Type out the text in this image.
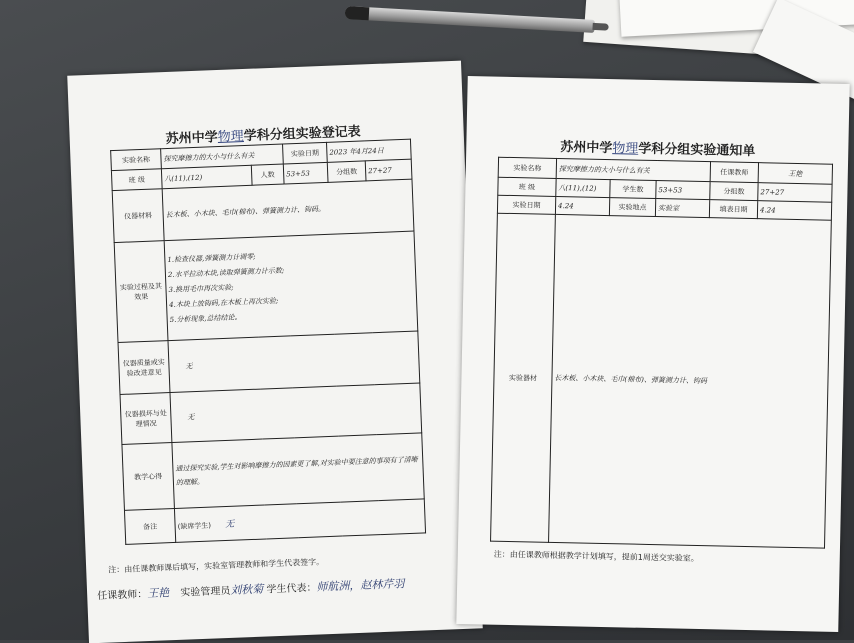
苏州中学物理学科分组实验登记表
实验名称	探究摩擦力的大小与什么有关		实验日期	2023 年4月24日	
班 级	八(11),(12)	人数	53+53	分组数	27+27
仪器材料	长木板、小木块、毛巾(棉布)、弹簧测力计、钩码。				
实验过程及其效果	1.检查仪器,弹簧测力计调零;
2.水平拉动木块,读取弹簧测力计示数;
3.换用毛巾再次实验;
4.木块上放钩码,在木板上再次实验;
5.分析现象,总结结论。				

仪器质量或实验改进意见	无				
仪器损坏与处理情况	无				
教学心得	通过探究实验,学生对影响摩擦力的因素更了解,对实验中要注意的事项有了清晰的理解。				
备注	(缺席学生) 无				
注：由任课教师课后填写，实验室管理教师和学生代表签字。
任课教师：王艳 实验管理员刘秋菊 学生代表：师航洲，赵林芹羽
苏州中学物理学科分组实验通知单
实验名称	探究摩擦力的大小与什么有关			任课教师	王艳
班 级	八(11),(12)	学生数	53+53	分组数	27+27
实验日期	4.24	实验地点	实验室	填表日期	4.24
实验器材	长木板、小木块、毛巾(棉布)、弹簧测力计、钩码				
注：由任课教师根据教学计划填写，提前1周送交实验室。
